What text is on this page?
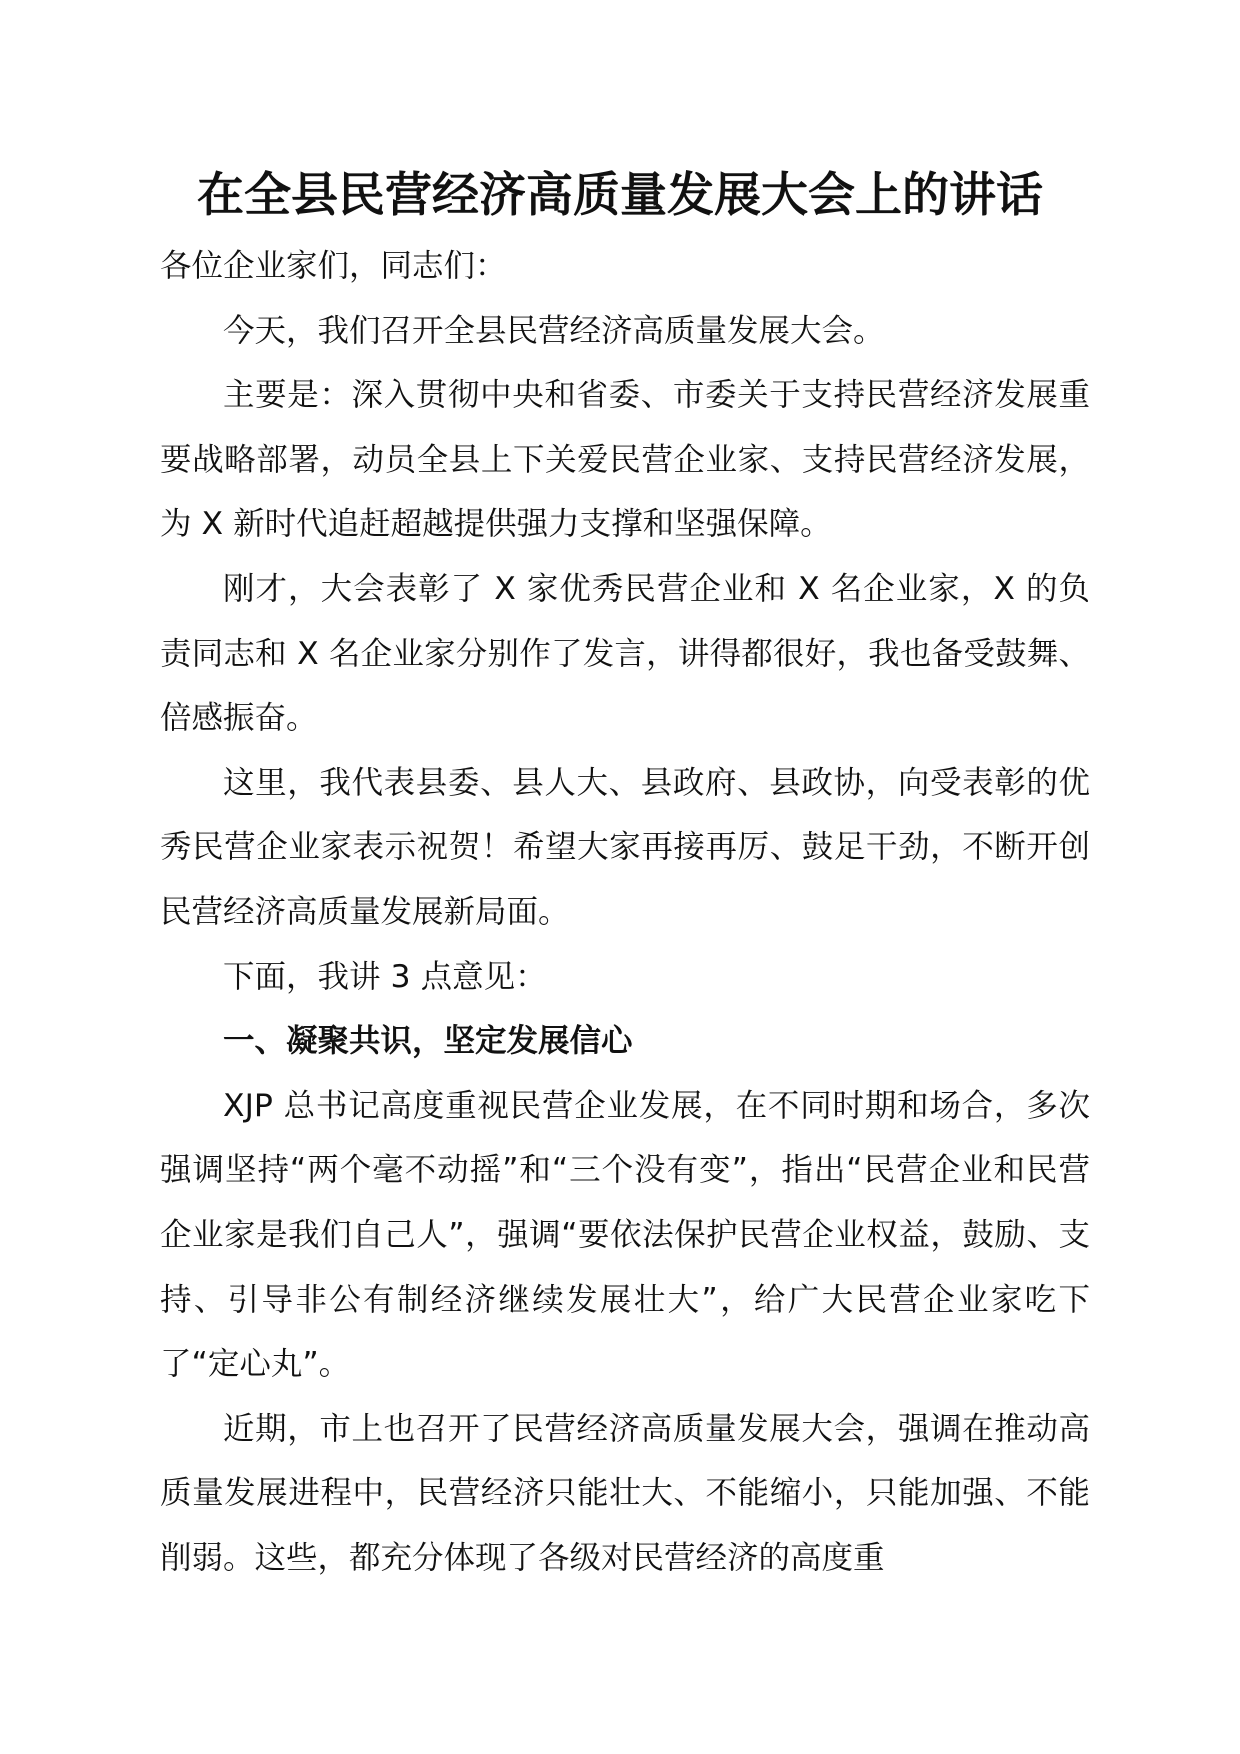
在全县民营经济高质量发展大会上的讲话

各位企业家们，同志们：

今天，我们召开全县民营经济高质量发展大会。

主要是：深入贯彻中央和省委、市委关于支持民营经济发展重要战略部署，动员全县上下关爱民营企业家、支持民营经济发展，为 X 新时代追赶超越提供强力支撑和坚强保障。

刚才，大会表彰了 X 家优秀民营企业和 X 名企业家，X 的负责同志和 X 名企业家分别作了发言，讲得都很好，我也备受鼓舞、倍感振奋。

这里，我代表县委、县人大、县政府、县政协，向受表彰的优秀民营企业家表示祝贺！希望大家再接再厉、鼓足干劲，不断开创民营经济高质量发展新局面。

下面，我讲 3 点意见：

一、凝聚共识，坚定发展信心

XJP 总书记高度重视民营企业发展，在不同时期和场合，多次强调坚持“两个毫不动摇”和“三个没有变”，指出“民营企业和民营企业家是我们自己人”，强调“要依法保护民营企业权益，鼓励、支持、引导非公有制经济继续发展壮大”，给广大民营企业家吃下了“定心丸”。

近期，市上也召开了民营经济高质量发展大会，强调在推动高质量发展进程中，民营经济只能壮大、不能缩小，只能加强、不能削弱。这些，都充分体现了各级对民营经济的高度重
